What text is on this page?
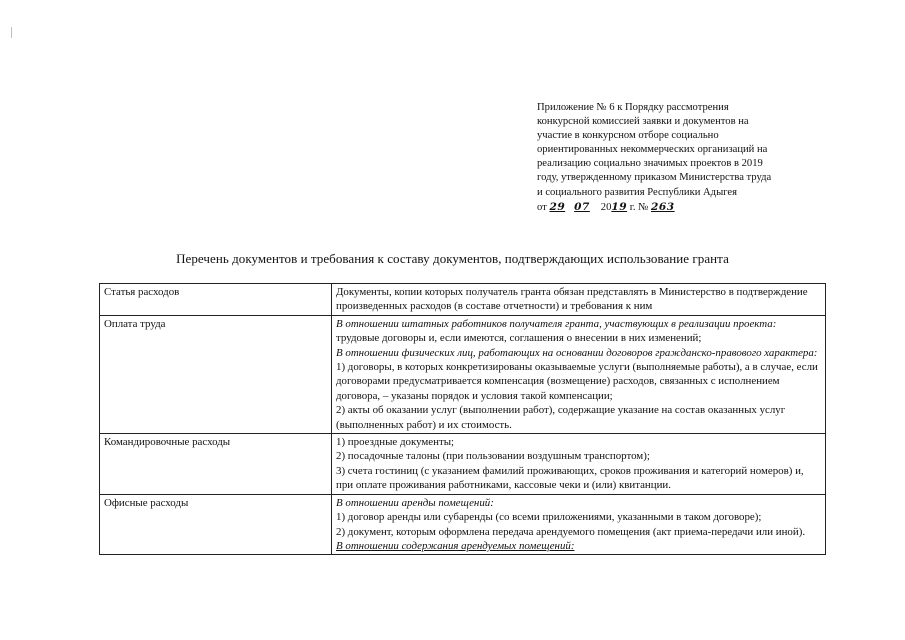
Приложение № 6 к Порядку рассмотрения
конкурсной комиссией заявки и документов на
участие в конкурсном отборе социально
ориентированных некоммерческих организаций на
реализацию социально значимых проектов в 2019
году, утвержденному приказом Министерства труда
и социального развития Республики Адыгея
от 29 07 2019 г. № 263
Перечень документов и требования к составу документов, подтверждающих использование гранта
Статья расходов	Документы, копии которых получатель гранта обязан представлять в Министерство в подтверждение произведенных расходов (в составе отчетности) и требования к ним
Оплата труда	В отношении штатных работников получателя гранта, участвующих в реализации проекта: трудовые договоры и, если имеются, соглашения о внесении в них изменений;
В отношении физических лиц, работающих на основании договоров гражданско-правового характера:
1) договоры, в которых конкретизированы оказываемые услуги (выполняемые работы), а в случае, если договорами предусматривается компенсация (возмещение) расходов, связанных с исполнением договора, – указаны порядок и условия такой компенсации;
2) акты об оказании услуг (выполнении работ), содержащие указание на состав оказанных услуг (выполненных работ) и их стоимость.

Командировочные расходы	1) проездные документы;
2) посадочные талоны (при пользовании воздушным транспортом);
3) счета гостиниц (с указанием фамилий проживающих, сроков проживания и категорий номеров) и, при оплате проживания работниками, кассовые чеки и (или) квитанции.

Офисные расходы	В отношении аренды помещений:
1) договор аренды или субаренды (со всеми приложениями, указанными в таком договоре);
2) документ, которым оформлена передача арендуемого помещения (акт приема-передачи или иной).
В отношении содержания арендуемых помещений:
